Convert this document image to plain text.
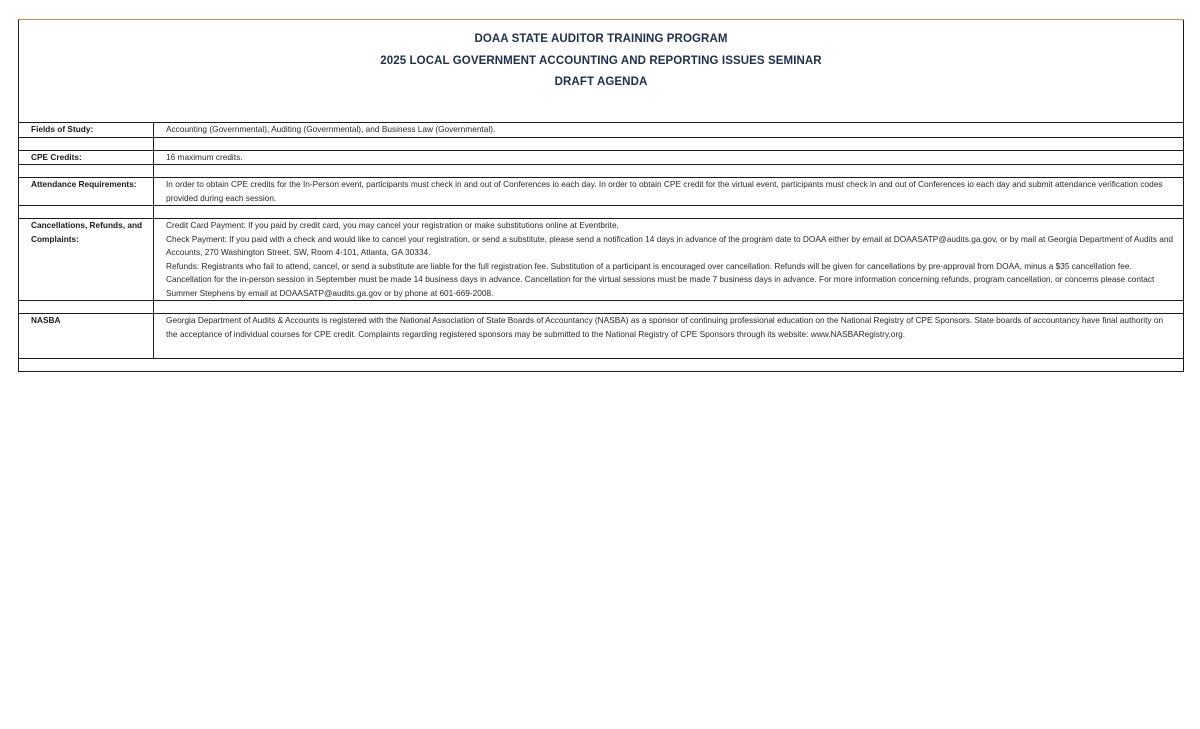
DOAA STATE AUDITOR TRAINING PROGRAM
2025 LOCAL GOVERNMENT ACCOUNTING AND REPORTING ISSUES SEMINAR
DRAFT AGENDA
Fields of Study:	Accounting (Governmental), Auditing (Governmental), and Business Law (Governmental).

CPE Credits:	16 maximum credits.

Attendance Requirements:	In order to obtain CPE credits for the In-Person event, participants must check in and out of Conferences io each day. In order to obtain CPE credit for the virtual event, participants must check in and out of Conferences io each day and submit attendance verification codes provided during each session.

Cancellations, Refunds, and Complaints:	Credit Card Payment: If you paid by credit card, you may cancel your registration or make substitutions online at Eventbrite.
Check Payment: If you paid with a check and would like to cancel your registration, or send a substitute, please send a notification 14 days in advance of the program date to DOAA either by email at DOAASATP@audits.ga.gov, or by mail at Georgia Department of Audits and Accounts, 270 Washington Street, SW, Room 4-101, Atlanta, GA 30334.
Refunds: Registrants who fail to attend, cancel, or send a substitute are liable for the full registration fee. Substitution of a participant is encouraged over cancellation. Refunds will be given for cancellations by pre-approval from DOAA, minus a $35 cancellation fee. Cancellation for the in-person session in September must be made 14 business days in advance. Cancellation for the virtual sessions must be made 7 business days in advance. For more information concerning refunds, program cancellation, or concerns please contact Summer Stephens by email at DOAASATP@audits.ga.gov or by phone at 601-669-2008.

NASBA	Georgia Department of Audits & Accounts is registered with the National Association of State Boards of Accountancy (NASBA) as a sponsor of continuing professional education on the National Registry of CPE Sponsors. State boards of accountancy have final authority on the acceptance of individual courses for CPE credit. Complaints regarding registered sponsors may be submitted to the National Registry of CPE Sponsors through its website: www.NASBARegistry.org.
